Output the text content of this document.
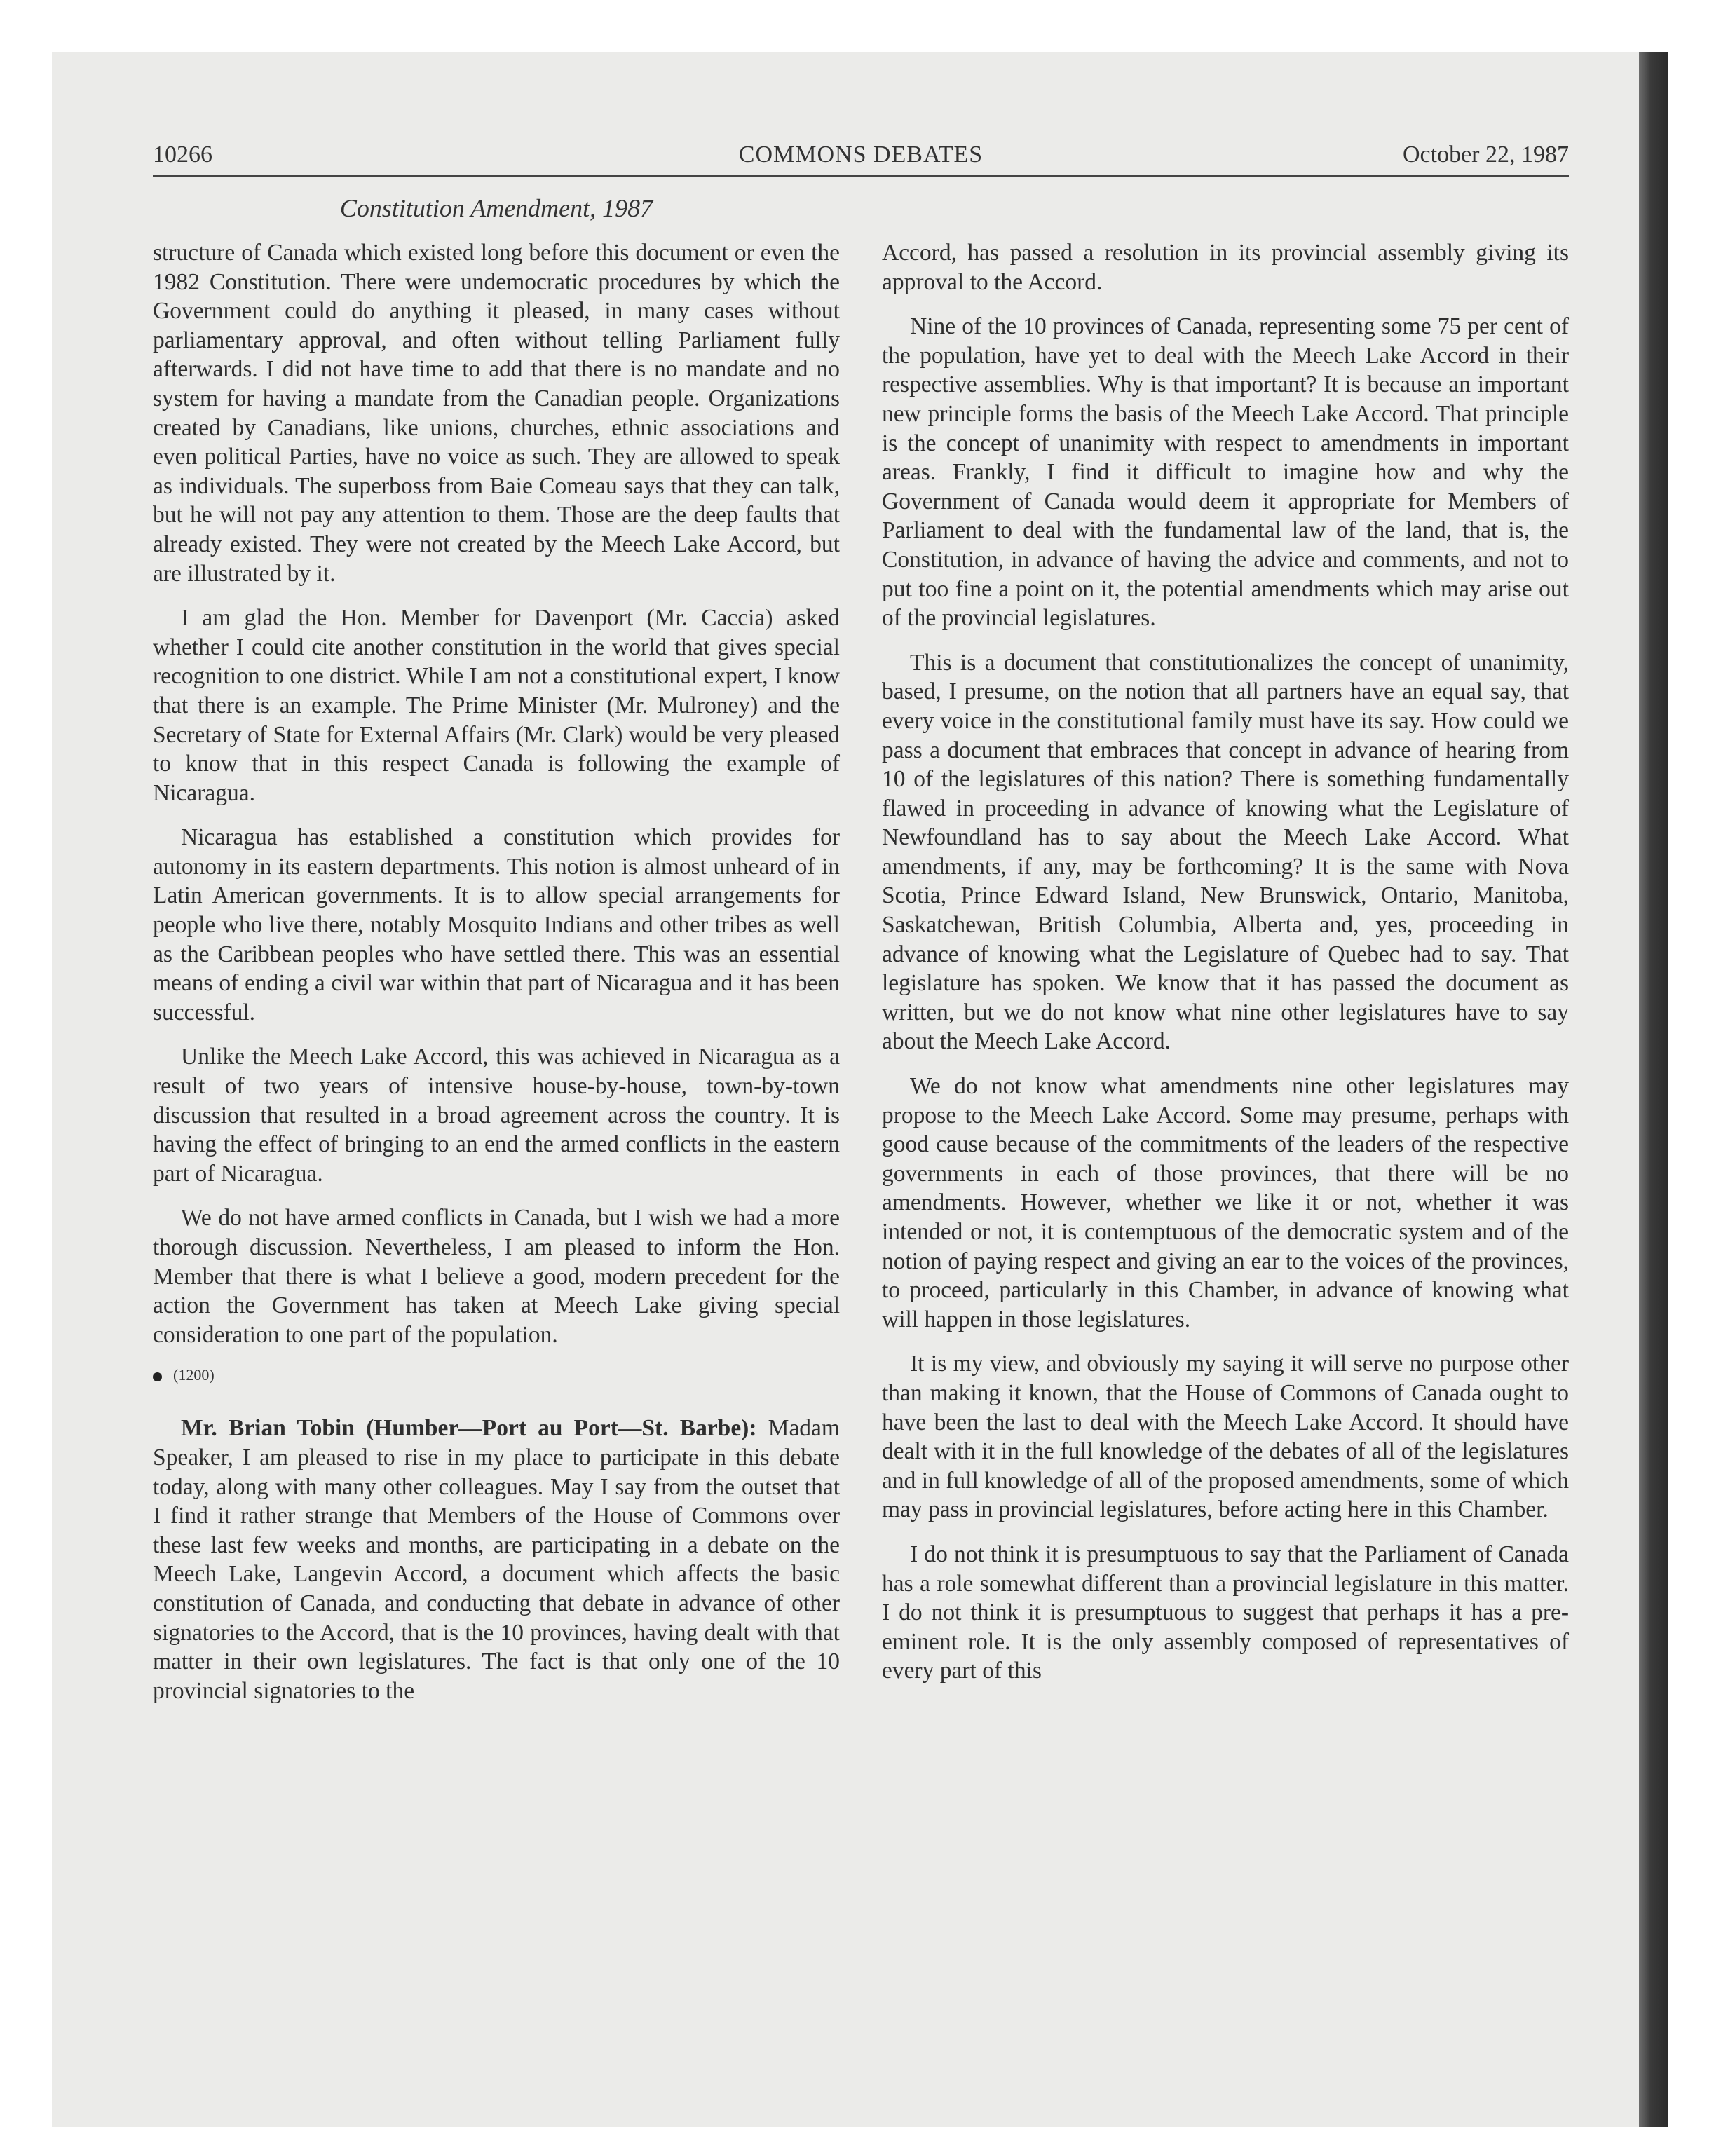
10266	COMMONS DEBATES	October 22, 1987
Constitution Amendment, 1987

structure of Canada which existed long before this document or even the 1982 Constitution. There were undemocratic procedures by which the Government could do anything it pleased, in many cases without parliamentary approval, and often without telling Parliament fully afterwards. I did not have time to add that there is no mandate and no system for having a mandate from the Canadian people. Organizations created by Canadians, like unions, churches, ethnic associations and even political Parties, have no voice as such. They are allowed to speak as individuals. The superboss from Baie Comeau says that they can talk, but he will not pay any attention to them. Those are the deep faults that already existed. They were not created by the Meech Lake Accord, but are illustrated by it.

I am glad the Hon. Member for Davenport (Mr. Caccia) asked whether I could cite another constitution in the world that gives special recognition to one district. While I am not a constitutional expert, I know that there is an example. The Prime Minister (Mr. Mulroney) and the Secretary of State for External Affairs (Mr. Clark) would be very pleased to know that in this respect Canada is following the example of Nicaragua.

Nicaragua has established a constitution which provides for autonomy in its eastern departments. This notion is almost unheard of in Latin American governments. It is to allow special arrangements for people who live there, notably Mosquito Indians and other tribes as well as the Caribbean peoples who have settled there. This was an essential means of ending a civil war within that part of Nicaragua and it has been successful.

Unlike the Meech Lake Accord, this was achieved in Nicaragua as a result of two years of intensive house-by-house, town-by-town discussion that resulted in a broad agreement across the country. It is having the effect of bringing to an end the armed conflicts in the eastern part of Nicaragua.

We do not have armed conflicts in Canada, but I wish we had a more thorough discussion. Nevertheless, I am pleased to inform the Hon. Member that there is what I believe a good, modern precedent for the action the Government has taken at Meech Lake giving special consideration to one part of the population.

(1200)

Mr. Brian Tobin (Humber—Port au Port—St. Barbe): Madam Speaker, I am pleased to rise in my place to participate in this debate today, along with many other colleagues. May I say from the outset that I find it rather strange that Members of the House of Commons over these last few weeks and months, are participating in a debate on the Meech Lake, Langevin Accord, a document which affects the basic constitution of Canada, and conducting that debate in advance of other signatories to the Accord, that is the 10 provinces, having dealt with that matter in their own legislatures. The fact is that only one of the 10 provincial signatories to the

Accord, has passed a resolution in its provincial assembly giving its approval to the Accord.

Nine of the 10 provinces of Canada, representing some 75 per cent of the population, have yet to deal with the Meech Lake Accord in their respective assemblies. Why is that important? It is because an important new principle forms the basis of the Meech Lake Accord. That principle is the concept of unanimity with respect to amendments in important areas. Frankly, I find it difficult to imagine how and why the Government of Canada would deem it appropriate for Members of Parliament to deal with the fundamental law of the land, that is, the Constitution, in advance of having the advice and comments, and not to put too fine a point on it, the potential amendments which may arise out of the provincial legislatures.

This is a document that constitutionalizes the concept of unanimity, based, I presume, on the notion that all partners have an equal say, that every voice in the constitutional family must have its say. How could we pass a document that embraces that concept in advance of hearing from 10 of the legislatures of this nation? There is something fundamentally flawed in proceeding in advance of knowing what the Legislature of Newfoundland has to say about the Meech Lake Accord. What amendments, if any, may be forthcoming? It is the same with Nova Scotia, Prince Edward Island, New Brunswick, Ontario, Manitoba, Saskatchewan, British Columbia, Alberta and, yes, proceeding in advance of knowing what the Legislature of Quebec had to say. That legislature has spoken. We know that it has passed the document as written, but we do not know what nine other legislatures have to say about the Meech Lake Accord.

We do not know what amendments nine other legislatures may propose to the Meech Lake Accord. Some may presume, perhaps with good cause because of the commitments of the leaders of the respective governments in each of those provinces, that there will be no amendments. However, whether we like it or not, whether it was intended or not, it is contemptuous of the democratic system and of the notion of paying respect and giving an ear to the voices of the provinces, to proceed, particularly in this Chamber, in advance of knowing what will happen in those legislatures.

It is my view, and obviously my saying it will serve no purpose other than making it known, that the House of Commons of Canada ought to have been the last to deal with the Meech Lake Accord. It should have dealt with it in the full knowledge of the debates of all of the legislatures and in full knowledge of all of the proposed amendments, some of which may pass in provincial legislatures, before acting here in this Chamber.

I do not think it is presumptuous to say that the Parliament of Canada has a role somewhat different than a provincial legislature in this matter. I do not think it is presumptuous to suggest that perhaps it has a pre-eminent role. It is the only assembly composed of representatives of every part of this
